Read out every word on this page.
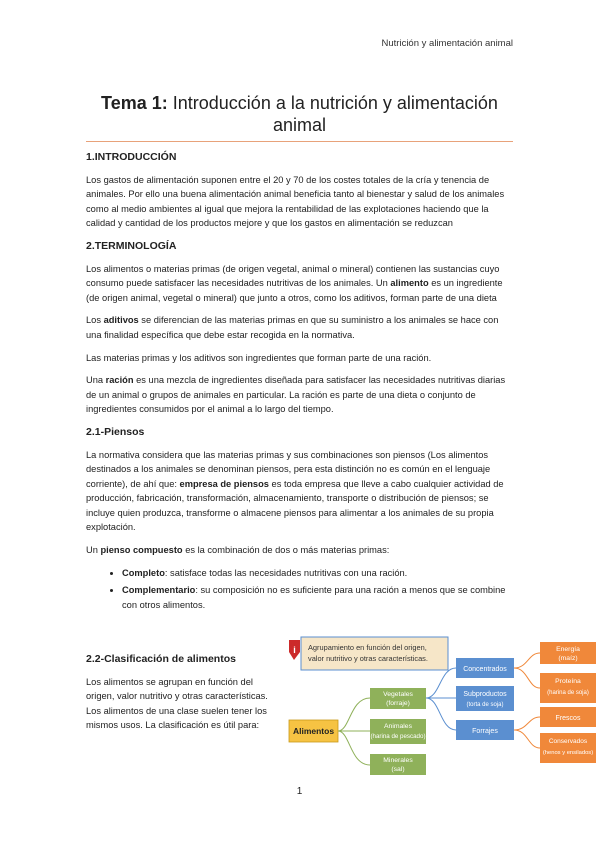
Nutrición y alimentación animal
Tema 1: Introducción a la nutrición y alimentación animal
1.INTRODUCCIÓN

Los gastos de alimentación suponen entre el 20 y 70 de los costes totales de la cría y tenencia de animales. Por ello una buena alimentación animal beneficia tanto al bienestar y salud de los animales como al medio ambientes al igual que mejora la rentabilidad de las explotaciones haciendo que la calidad y cantidad de los productos mejore y que los gastos en alimentación se reduzcan

2.TERMINOLOGÍA

Los alimentos o materias primas (de origen vegetal, animal o mineral) contienen las sustancias cuyo consumo puede satisfacer las necesidades nutritivas de los animales. Un alimento es un ingrediente (de origen animal, vegetal o mineral) que junto a otros, como los aditivos, forman parte de una dieta

Los aditivos se diferencian de las materias primas en que su suministro a los animales se hace con una finalidad específica que debe estar recogida en la normativa.

Las materias primas y los aditivos son ingredientes que forman parte de una ración.

Una ración es una mezcla de ingredientes diseñada para satisfacer las necesidades nutritivas diarias de un animal o grupos de animales en particular. La ración es parte de una dieta o conjunto de ingredientes consumidos por el animal a lo largo del tiempo.

2.1-Piensos

La normativa considera que las materias primas y sus combinaciones son piensos (Los alimentos destinados a los animales se denominan piensos, pera esta distinción no es común en el lenguaje corriente), de ahí que: empresa de piensos es toda empresa que lleve a cabo cualquier actividad de producción, fabricación, transformación, almacenamiento, transporte o distribución de piensos; se incluye quien produzca, transforme o almacene piensos para alimentar a los animales de su propia explotación.

Un pienso compuesto es la combinación de dos o más materias primas:

• Completo: satisface todas las necesidades nutritivas con una ración.
• Complementario: su composición no es suficiente para una ración a menos que se combine con otros alimentos.
2.2-Clasificación de alimentos

Los alimentos se agrupan en función del origen, valor nutritivo y otras características. Los alimentos de una clase suelen tener los mismos usos. La clasificación es útil para:

Agrupamiento en función del origen,
valor nutritivo y otras características.
i
Alimentos
Vegetales
(forraje)
Animales
(harina de pescado)
Minerales
(sal)
Concentrados
Subproductos
(torta de soja)
Forrajes
Energía
(maíz)
Proteína
(harina de soja)
Frescos
Conservados
(henos y ensilados)
1
